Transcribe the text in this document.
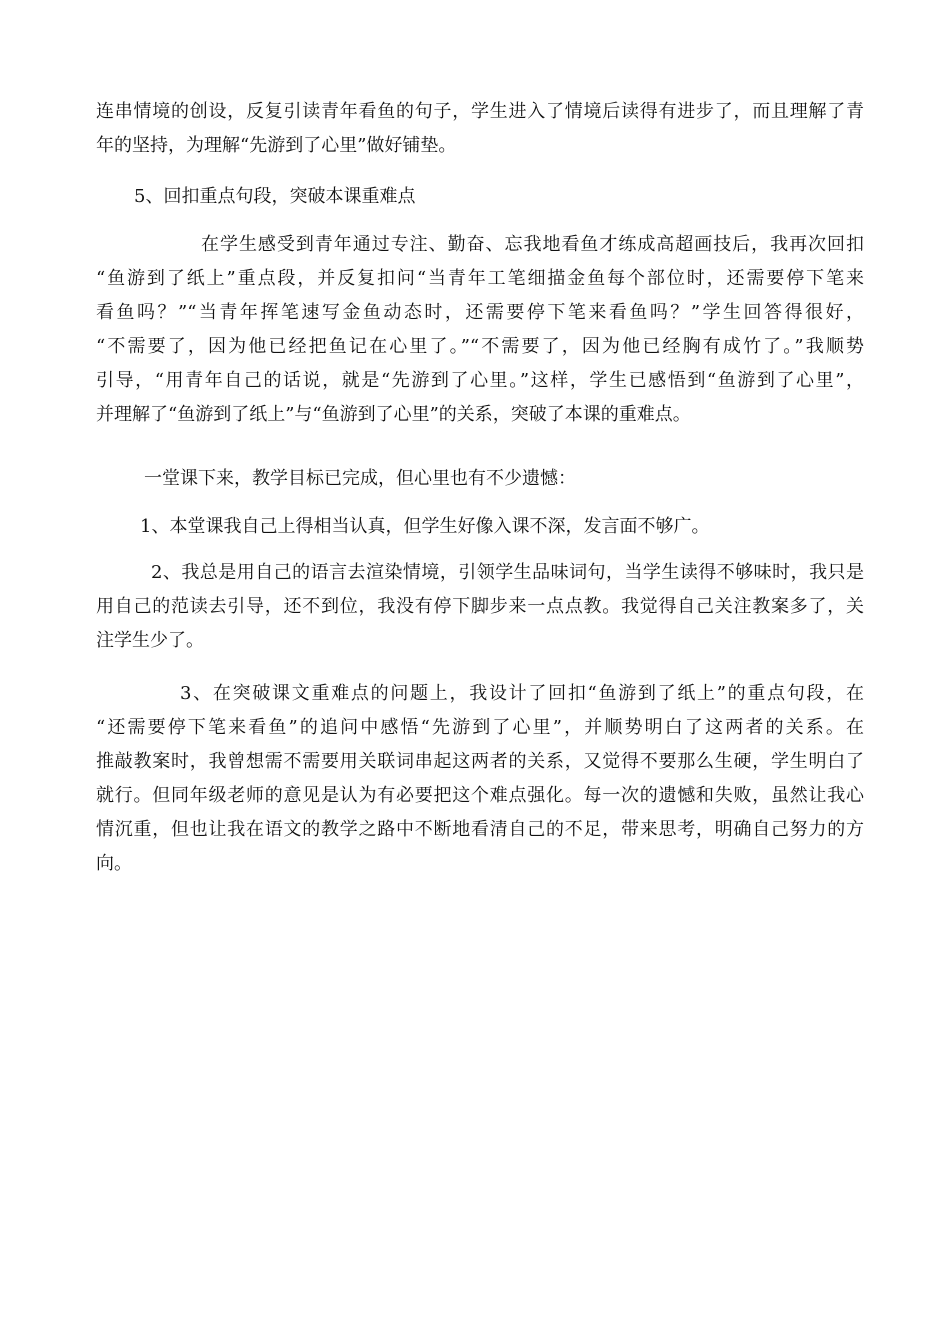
连串情境的创设，反复引读青年看鱼的句子，学生进入了情境后读得有进步了，而且理解了青
年的坚持，为理解“先游到了心里”做好铺垫。
5、回扣重点句段，突破本课重难点
在学生感受到青年通过专注、勤奋、忘我地看鱼才练成高超画技后，我再次回扣
“鱼游到了纸上”重点段，并反复扣问“当青年工笔细描金鱼每个部位时，还需要停下笔来
看鱼吗？”“当青年挥笔速写金鱼动态时，还需要停下笔来看鱼吗？”学生回答得很好，
“不需要了，因为他已经把鱼记在心里了。”“不需要了，因为他已经胸有成竹了。”我顺势
引导，“用青年自己的话说，就是“先游到了心里。”这样，学生已感悟到“鱼游到了心里”，
并理解了“鱼游到了纸上”与“鱼游到了心里”的关系，突破了本课的重难点。
一堂课下来，教学目标已完成，但心里也有不少遗憾：
1、本堂课我自己上得相当认真，但学生好像入课不深，发言面不够广。
2、我总是用自己的语言去渲染情境，引领学生品味词句，当学生读得不够味时，我只是
用自己的范读去引导，还不到位，我没有停下脚步来一点点教。我觉得自己关注教案多了，关
注学生少了。
3、在突破课文重难点的问题上，我设计了回扣“鱼游到了纸上”的重点句段，在
“还需要停下笔来看鱼”的追问中感悟“先游到了心里”，并顺势明白了这两者的关系。在
推敲教案时，我曾想需不需要用关联词串起这两者的关系，又觉得不要那么生硬，学生明白了
就行。但同年级老师的意见是认为有必要把这个难点强化。每一次的遗憾和失败，虽然让我心
情沉重，但也让我在语文的教学之路中不断地看清自己的不足，带来思考，明确自己努力的方
向。
